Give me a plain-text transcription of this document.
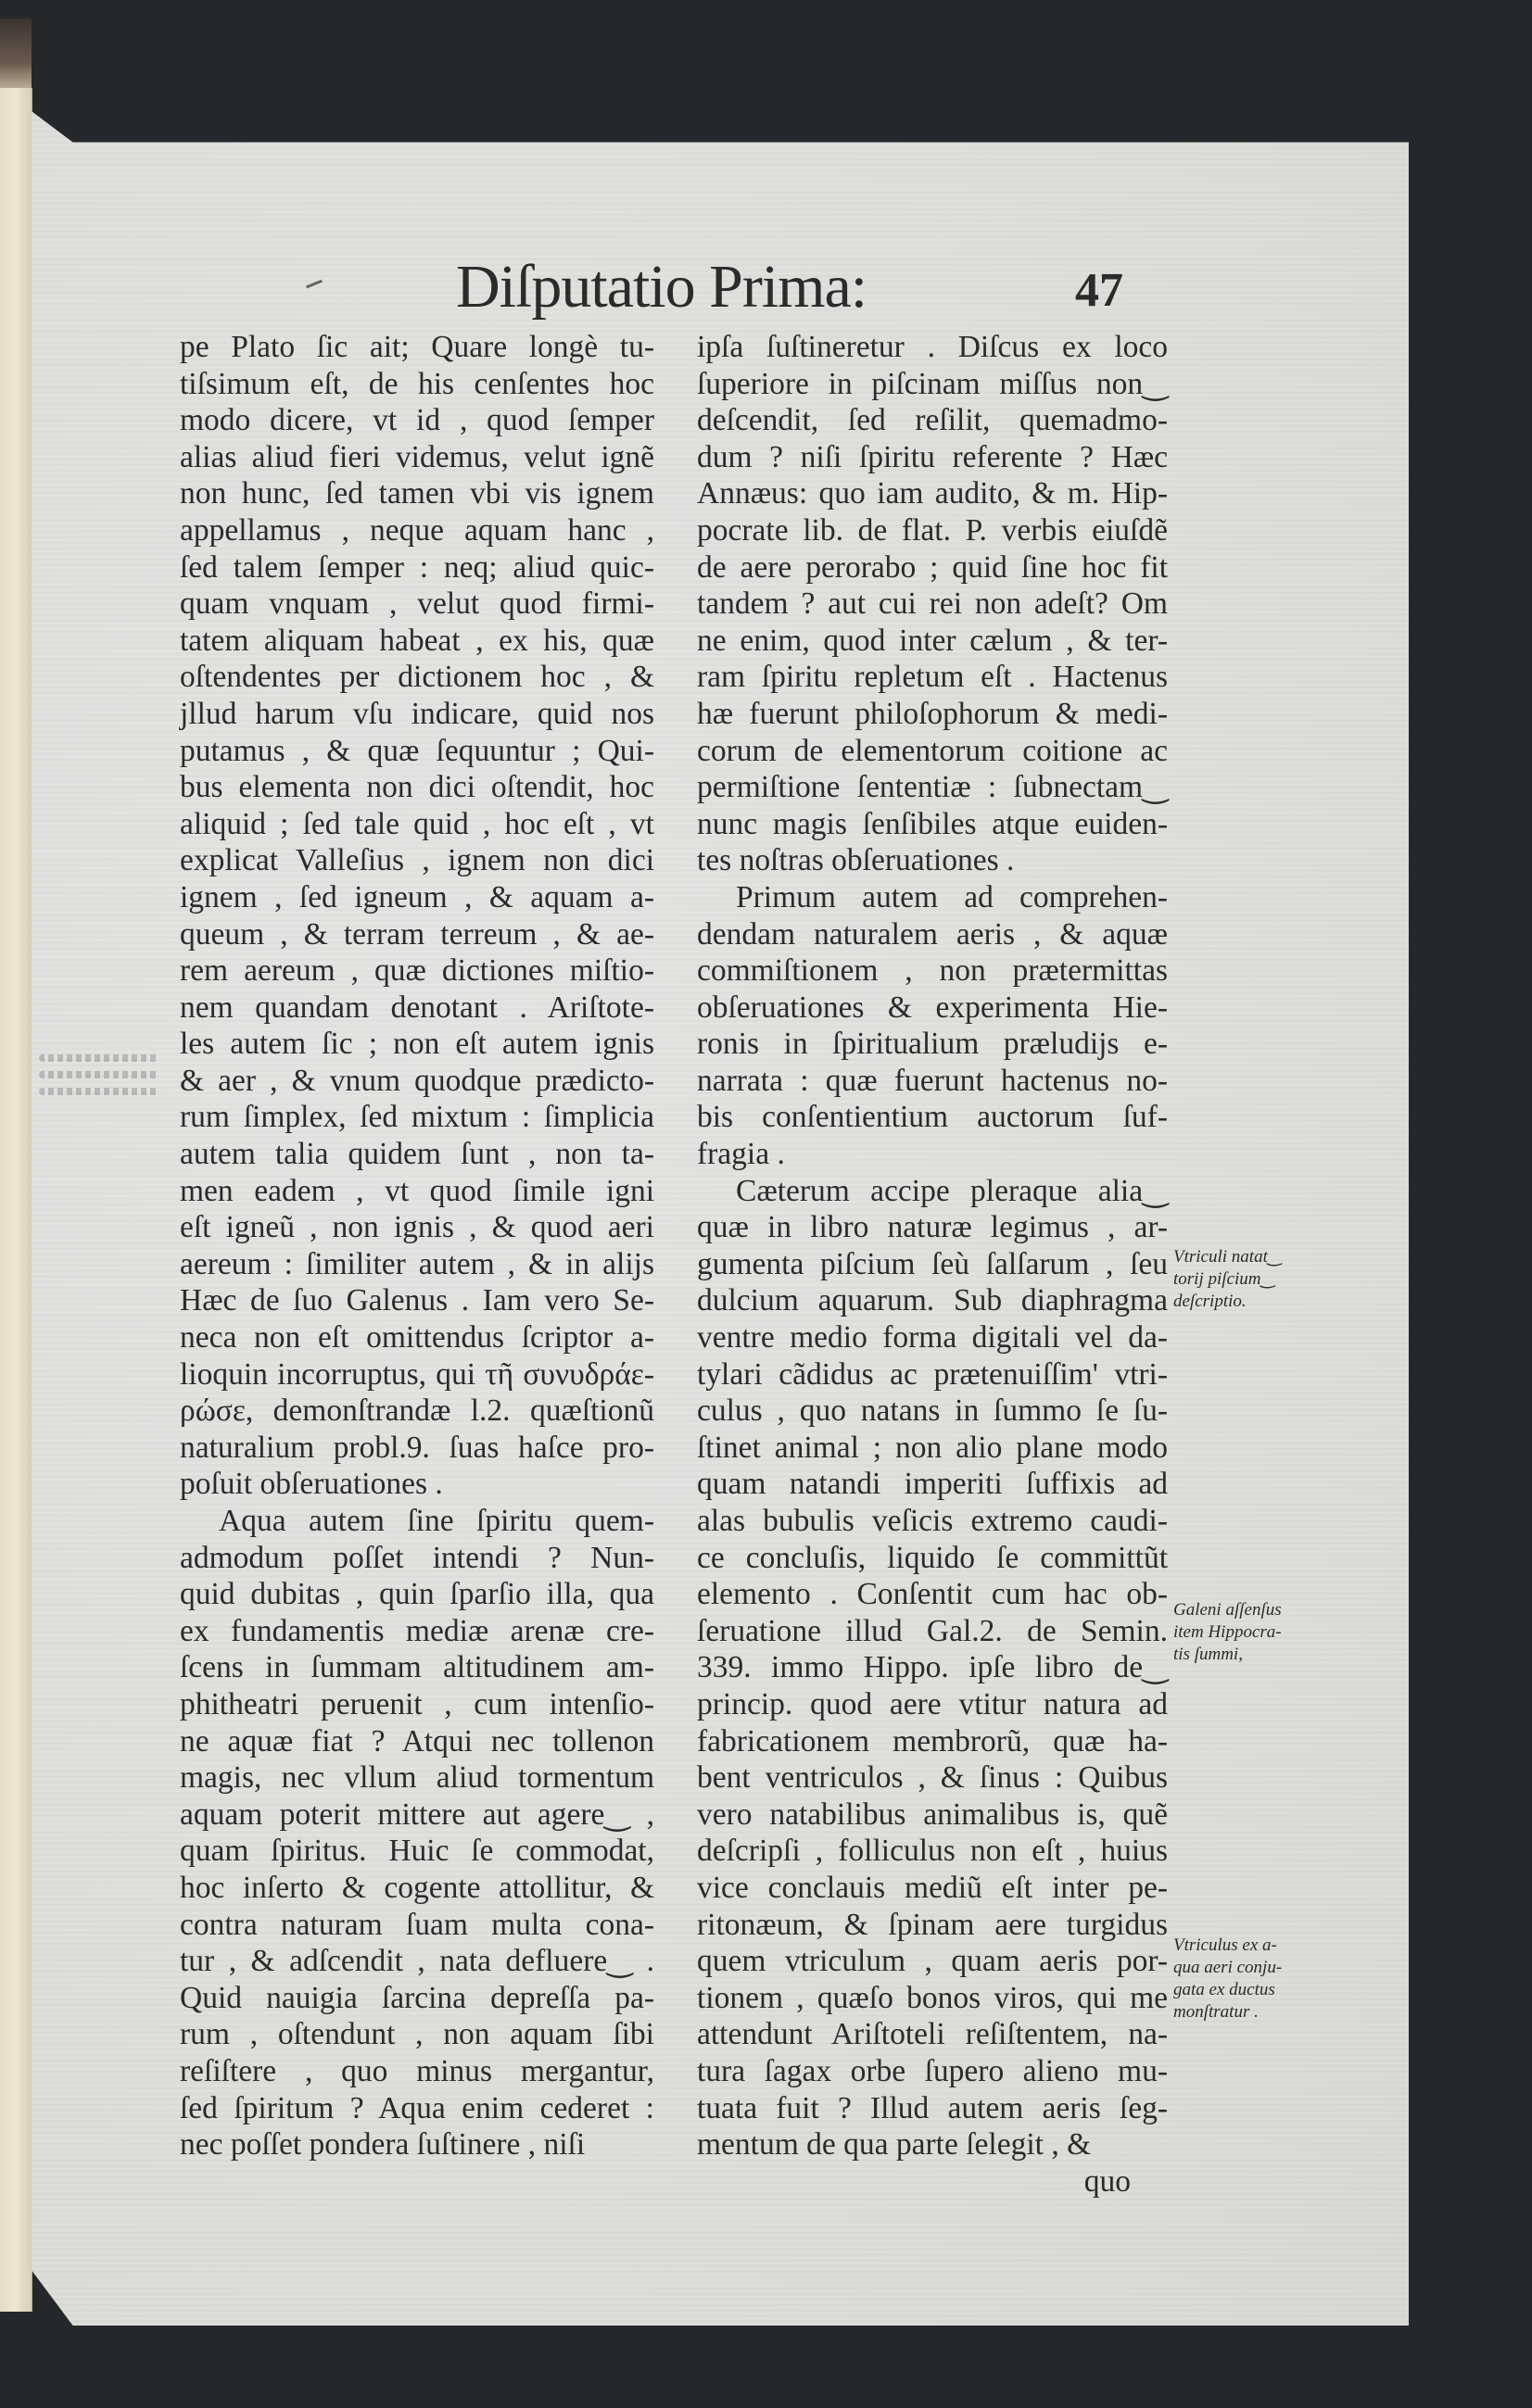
Diſputatio Prima:	47
pe Plato ſic ait; Quare longè tu-
tiſsimum eſt, de his cenſentes hoc
modo dicere, vt id , quod ſemper
alias aliud fieri videmus, velut ignẽ
non hunc, ſed tamen vbi vis ignem
appellamus , neque aquam hanc ,
ſed talem ſemper : neq; aliud quic-
quam vnquam , velut quod firmi-
tatem aliquam habeat , ex his, quæ
oſtendentes per dictionem hoc , &
jllud harum vſu indicare, quid nos
putamus , & quæ ſequuntur ; Qui-
bus elementa non dici oſtendit, hoc
aliquid ; ſed tale quid , hoc eſt , vt
explicat Valleſius , ignem non dici
ignem , ſed igneum , & aquam a-
queum , & terram terreum , & ae-
rem aereum , quæ dictiones miſtio-
nem quandam denotant . Ariſtote-
les autem ſic ; non eſt autem ignis
& aer , & vnum quodque prædicto-
rum ſimplex, ſed mixtum : ſimplicia
autem talia quidem ſunt , non ta-
men eadem , vt quod ſimile igni
eſt igneũ , non ignis , & quod aeri
aereum : ſimiliter autem , & in alijs
Hæc de ſuo Galenus . Iam vero Se-
neca non eſt omittendus ſcriptor a-
lioquin incorruptus, qui τῆ συνυδράε-
ρώσε, demonſtrandæ l.2. quæſtionũ
naturalium probl.9. ſuas haſce pro-
poſuit obſeruationes .
Aqua autem ſine ſpiritu quem-
admodum poſſet intendi ? Nun-
quid dubitas , quin ſparſio illa, qua
ex fundamentis mediæ arenæ cre-
ſcens in ſummam altitudinem am-
phitheatri peruenit , cum intenſio-
ne aquæ fiat ? Atqui nec tollenon
magis, nec vllum aliud tormentum
aquam poterit mittere aut agere‿ ,
quam ſpiritus. Huic ſe commodat,
hoc inſerto & cogente attollitur, &
contra naturam ſuam multa cona-
tur , & adſcendit , nata defluere‿ .
Quid nauigia ſarcina depreſſa pa-
rum , oſtendunt , non aquam ſibi
reſiſtere , quo minus mergantur,
ſed ſpiritum ? Aqua enim cederet :
nec poſſet pondera ſuſtinere , niſi
ipſa ſuſtineretur . Diſcus ex loco
ſuperiore in piſcinam miſſus non‿
deſcendit, ſed reſilit, quemadmo-
dum ? niſi ſpiritu referente ? Hæc
Annæus: quo iam audito, & m. Hip-
pocrate lib. de flat. P. verbis eiuſdẽ
de aere perorabo ; quid ſine hoc fit
tandem ? aut cui rei non adeſt? Om
ne enim, quod inter cælum , & ter-
ram ſpiritu repletum eſt . Hactenus
hæ fuerunt philoſophorum & medi-
corum de elementorum coitione ac
permiſtione ſententiæ : ſubnectam‿
nunc magis ſenſibiles atque euiden-
tes noſtras obſeruationes .
Primum autem ad comprehen-
dendam naturalem aeris , & aquæ
commiſtionem , non prætermittas
obſeruationes & experimenta Hie-
ronis in ſpiritualium præludijs e-
narrata : quæ fuerunt hactenus no-
bis conſentientium auctorum ſuf-
fragia .
Cæterum accipe pleraque alia‿
quæ in libro naturæ legimus , ar-
gumenta piſcium ſeù ſalſarum , ſeu
dulcium aquarum. Sub diaphragma
ventre medio forma digitali vel da-
tylari cãdidus ac prætenuiſſim' vtri-
culus , quo natans in ſummo ſe ſu-
ſtinet animal ; non alio plane modo
quam natandi imperiti ſuffixis ad
alas bubulis veſicis extremo caudi-
ce concluſis, liquido ſe committũt
elemento . Conſentit cum hac ob-
ſeruatione illud Gal.2. de Semin.
339. immo Hippo. ipſe libro de‿
princip. quod aere vtitur natura ad
fabricationem membrorũ, quæ ha-
bent ventriculos , & ſinus : Quibus
vero natabilibus animalibus is, quẽ
deſcripſi , folliculus non eſt , huius
vice conclauis mediũ eſt inter pe-
ritonæum, & ſpinam aere turgidus
quem vtriculum , quam aeris por-
tionem , quæſo bonos viros, qui me
attendunt Ariſtoteli reſiſtentem, na-
tura ſagax orbe ſupero alieno mu-
tuata fuit ? Illud autem aeris ſeg-
mentum de qua parte ſelegit , &
quo
Vtriculi natat‿
torij piſcium‿
deſcriptio.
Galeni aſſenſus
item Hippocra-
tis ſummi,
Vtriculus ex a-
qua aeri conju-
gata ex ductus
monſtratur .
